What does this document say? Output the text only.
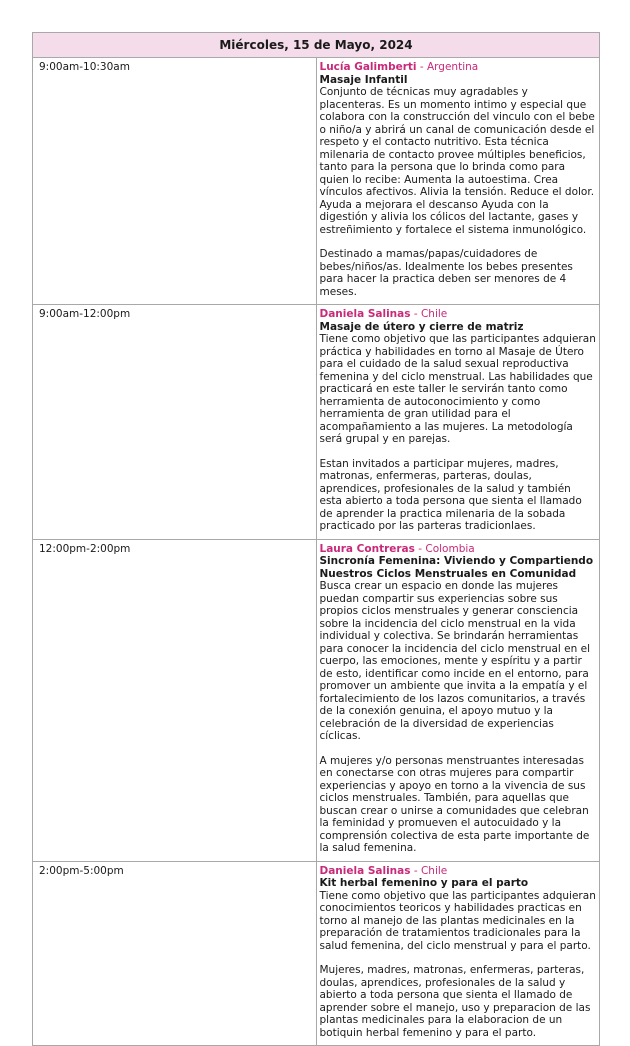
Miércoles, 15 de Mayo, 2024	
9:00am-10:30am	Lucía Galimberti - Argentina
Masaje Infantil
Conjunto de técnicas muy agradables y placenteras. Es un momento intimo y especial que colabora con la construcción del vinculo con el bebe o niño/a y abrirá un canal de comunicación desde el respeto y el contacto nutritivo. Esta técnica milenaria de contacto provee múltiples beneficios, tanto para la persona que lo brinda como para quien lo recibe: Aumenta la autoestima. Crea vínculos afectivos. Alivia la tensión. Reduce el dolor. Ayuda a mejorara el descanso Ayuda con la digestión y alivia los cólicos del lactante, gases y estreñimiento y fortalece el sistema inmunológico.
Destinado a mamas/papas/cuidadores de bebes/niños/as. Idealmente los bebes presentes para hacer la practica deben ser menores de 4 meses.

9:00am-12:00pm	Daniela Salinas - Chile
Masaje de útero y cierre de matriz
Tiene como objetivo que las participantes adquieran práctica y habilidades en torno al Masaje de Útero para el cuidado de la salud sexual reproductiva femenina y del ciclo menstrual. Las habilidades que practicará en este taller le servirán tanto como herramienta de autoconocimiento y como herramienta de gran utilidad para el acompañamiento a las mujeres. La metodología será grupal y en parejas.
Estan invitados a participar mujeres, madres, matronas, enfermeras, parteras, doulas, aprendices, profesionales de la salud y también esta abierto a toda persona que sienta el llamado de aprender la practica milenaria de la sobada practicado por las parteras tradicionlaes.

12:00pm-2:00pm	Laura Contreras - Colombia
Sincronía Femenina: Viviendo y Compartiendo Nuestros Ciclos Menstruales en Comunidad
Busca crear un espacio en donde las mujeres puedan compartir sus experiencias sobre sus propios ciclos menstruales y generar consciencia sobre la incidencia del ciclo menstrual en la vida individual y colectiva. Se brindarán herramientas para conocer la incidencia del ciclo menstrual en el cuerpo, las emociones, mente y espíritu y a partir de esto, identificar como incide en el entorno, para promover un ambiente que invita a la empatía y el fortalecimiento de los lazos comunitarios, a través de la conexión genuina, el apoyo mutuo y la celebración de la diversidad de experiencias cíclicas.
A mujeres y/o personas menstruantes interesadas en conectarse con otras mujeres para compartir experiencias y apoyo en torno a la vivencia de sus ciclos menstruales. También, para aquellas que buscan crear o unirse a comunidades que celebran la feminidad y promueven el autocuidado y la comprensión colectiva de esta parte importante de la salud femenina.

2:00pm-5:00pm	Daniela Salinas - Chile
Kit herbal femenino y para el parto
Tiene como objetivo que las participantes adquieran conocimientos teoricos y habilidades practicas en torno al manejo de las plantas medicinales en la preparación de tratamientos tradicionales para la salud femenina, del ciclo menstrual y para el parto.
Mujeres, madres, matronas, enfermeras, parteras, doulas, aprendices, profesionales de la salud y abierto a toda persona que sienta el llamado de aprender sobre el manejo, uso y preparacion de las plantas medicinales para la elaboracion de un botiquin herbal femenino y para el parto.
